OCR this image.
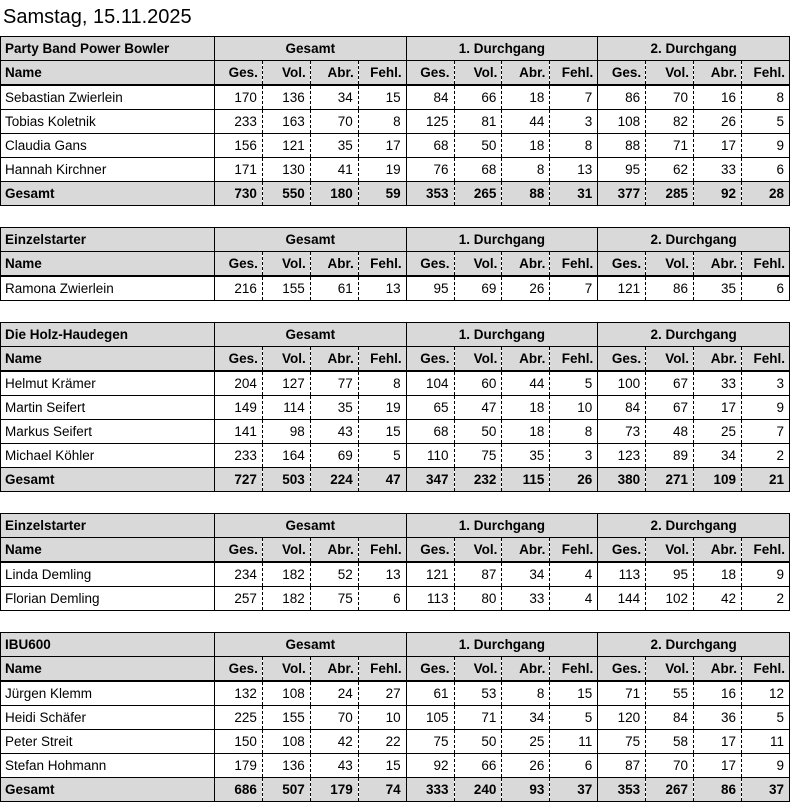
Samstag, 15.11.2025
Party Band Power Bowler	Gesamt				1. Durchgang				2. Durchgang			
Name	Ges.	Vol.	Abr.	Fehl.	Ges.	Vol.	Abr.	Fehl.	Ges.	Vol.	Abr.	Fehl.
Sebastian Zwierlein	170	136	34	15	84	66	18	7	86	70	16	8
Tobias Koletnik	233	163	70	8	125	81	44	3	108	82	26	5
Claudia Gans	156	121	35	17	68	50	18	8	88	71	17	9
Hannah Kirchner	171	130	41	19	76	68	8	13	95	62	33	6
Gesamt	730	550	180	59	353	265	88	31	377	285	92	28
Einzelstarter	Gesamt				1. Durchgang				2. Durchgang			
Name	Ges.	Vol.	Abr.	Fehl.	Ges.	Vol.	Abr.	Fehl.	Ges.	Vol.	Abr.	Fehl.
Ramona Zwierlein	216	155	61	13	95	69	26	7	121	86	35	6
Die Holz-Haudegen	Gesamt				1. Durchgang				2. Durchgang			
Name	Ges.	Vol.	Abr.	Fehl.	Ges.	Vol.	Abr.	Fehl.	Ges.	Vol.	Abr.	Fehl.
Helmut Krämer	204	127	77	8	104	60	44	5	100	67	33	3
Martin Seifert	149	114	35	19	65	47	18	10	84	67	17	9
Markus Seifert	141	98	43	15	68	50	18	8	73	48	25	7
Michael Köhler	233	164	69	5	110	75	35	3	123	89	34	2
Gesamt	727	503	224	47	347	232	115	26	380	271	109	21
Einzelstarter	Gesamt				1. Durchgang				2. Durchgang			
Name	Ges.	Vol.	Abr.	Fehl.	Ges.	Vol.	Abr.	Fehl.	Ges.	Vol.	Abr.	Fehl.
Linda Demling	234	182	52	13	121	87	34	4	113	95	18	9
Florian Demling	257	182	75	6	113	80	33	4	144	102	42	2
IBU600	Gesamt				1. Durchgang				2. Durchgang			
Name	Ges.	Vol.	Abr.	Fehl.	Ges.	Vol.	Abr.	Fehl.	Ges.	Vol.	Abr.	Fehl.
Jürgen Klemm	132	108	24	27	61	53	8	15	71	55	16	12
Heidi Schäfer	225	155	70	10	105	71	34	5	120	84	36	5
Peter Streit	150	108	42	22	75	50	25	11	75	58	17	11
Stefan Hohmann	179	136	43	15	92	66	26	6	87	70	17	9
Gesamt	686	507	179	74	333	240	93	37	353	267	86	37
